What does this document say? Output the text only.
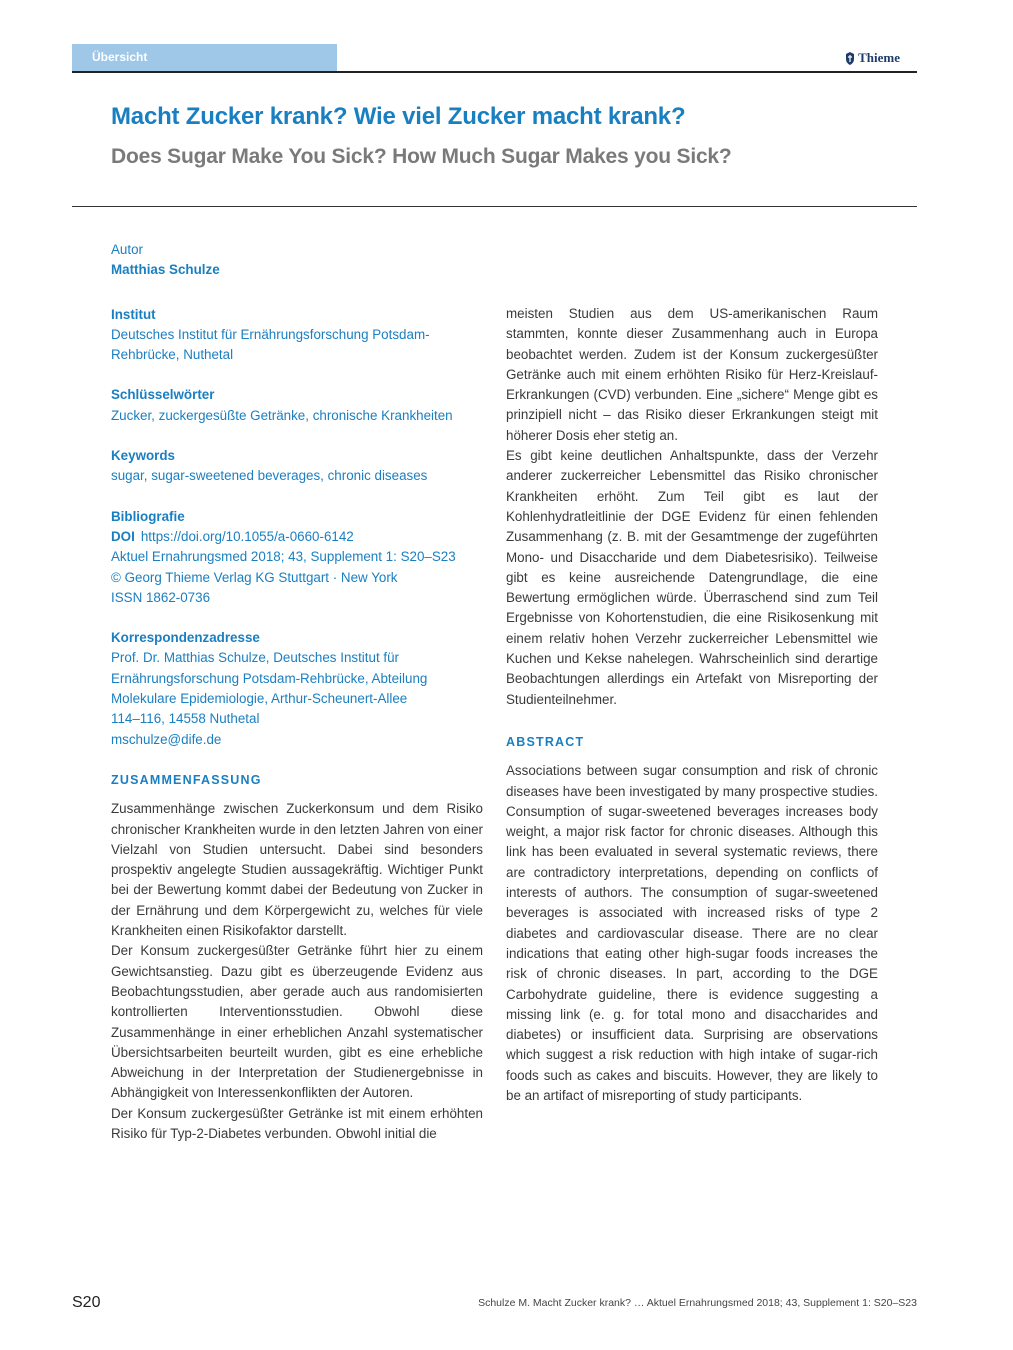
Übersicht	Thieme
Macht Zucker krank? Wie viel Zucker macht krank?
Does Sugar Make You Sick? How Much Sugar Makes you Sick?
Autor
Matthias Schulze
Institut
Deutsches Institut für Ernährungsforschung Potsdam-
Rehbrücke, Nuthetal
Schlüsselwörter
Zucker, zuckergesüßte Getränke, chronische Krankheiten
Keywords
sugar, sugar-sweetened beverages, chronic diseases
Bibliografie
DOI https://doi.org/10.1055/a-0660-6142
Aktuel Ernahrungsmed 2018; 43, Supplement 1: S20–S23
© Georg Thieme Verlag KG Stuttgart · New York
ISSN 1862-0736
Korrespondenzadresse
Prof. Dr. Matthias Schulze, Deutsches Institut für
Ernährungsforschung Potsdam-Rehbrücke, Abteilung
Molekulare Epidemiologie, Arthur-Scheunert-Allee
114–116, 14558 Nuthetal
mschulze@dife.de
ZUSAMMENFASSUNG

Zusammenhänge zwischen Zuckerkonsum und dem Risiko chronischer Krankheiten wurde in den letzten Jahren von einer Vielzahl von Studien untersucht. Dabei sind besonders prospektiv angelegte Studien aussagekräftig. Wichtiger Punkt bei der Bewertung kommt dabei der Bedeutung von Zucker in der Ernährung und dem Körpergewicht zu, welches für viele Krankheiten einen Risikofaktor darstellt.

Der Konsum zuckergesüßter Getränke führt hier zu einem Gewichtsanstieg. Dazu gibt es überzeugende Evidenz aus Beobachtungsstudien, aber gerade auch aus randomisierten kontrollierten Interventionsstudien. Obwohl diese Zusammenhänge in einer erheblichen Anzahl systematischer Übersichtsarbeiten beurteilt wurden, gibt es eine erhebliche Abweichung in der Interpretation der Studienergebnisse in Abhängigkeit von Interessenkonflikten der Autoren.

Der Konsum zuckergesüßter Getränke ist mit einem erhöhten Risiko für Typ-2-Diabetes verbunden. Obwohl initial die

meisten Studien aus dem US-amerikanischen Raum stammten, konnte dieser Zusammenhang auch in Europa beobachtet werden. Zudem ist der Konsum zuckergesüßter Getränke auch mit einem erhöhten Risiko für Herz-Kreislauf-Erkrankungen (CVD) verbunden. Eine „sichere“ Menge gibt es prinzipiell nicht – das Risiko dieser Erkrankungen steigt mit höherer Dosis eher stetig an.

Es gibt keine deutlichen Anhaltspunkte, dass der Verzehr anderer zuckerreicher Lebensmittel das Risiko chronischer Krankheiten erhöht. Zum Teil gibt es laut der Kohlenhydratleitlinie der DGE Evidenz für einen fehlenden Zusammenhang (z. B. mit der Gesamtmenge der zugeführten Mono- und Disaccharide und dem Diabetesrisiko). Teilweise gibt es keine ausreichende Datengrundlage, die eine Bewertung ermöglichen würde. Überraschend sind zum Teil Ergebnisse von Kohortenstudien, die eine Risikosenkung mit einem relativ hohen Verzehr zuckerreicher Lebensmittel wie Kuchen und Kekse nahelegen. Wahrscheinlich sind derartige Beobachtungen allerdings ein Artefakt von Misreporting der Studienteilnehmer.

ABSTRACT

Associations between sugar consumption and risk of chronic diseases have been investigated by many prospective studies. Consumption of sugar-sweetened beverages increases body weight, a major risk factor for chronic diseases. Although this link has been evaluated in several systematic reviews, there are contradictory interpretations, depending on conflicts of interests of authors. The consumption of sugar-sweetened beverages is associated with increased risks of type 2 diabetes and cardiovascular disease. There are no clear indications that eating other high-sugar foods increases the risk of chronic diseases. In part, according to the DGE Carbohydrate guideline, there is evidence suggesting a missing link (e. g. for total mono and disaccharides and diabetes) or insufficient data. Surprising are observations which suggest a risk reduction with high intake of sugar-rich foods such as cakes and biscuits. However, they are likely to be an artifact of misreporting of study participants.

S20	Schulze M. Macht Zucker krank? … Aktuel Ernahrungsmed 2018; 43, Supplement 1: S20–S23
